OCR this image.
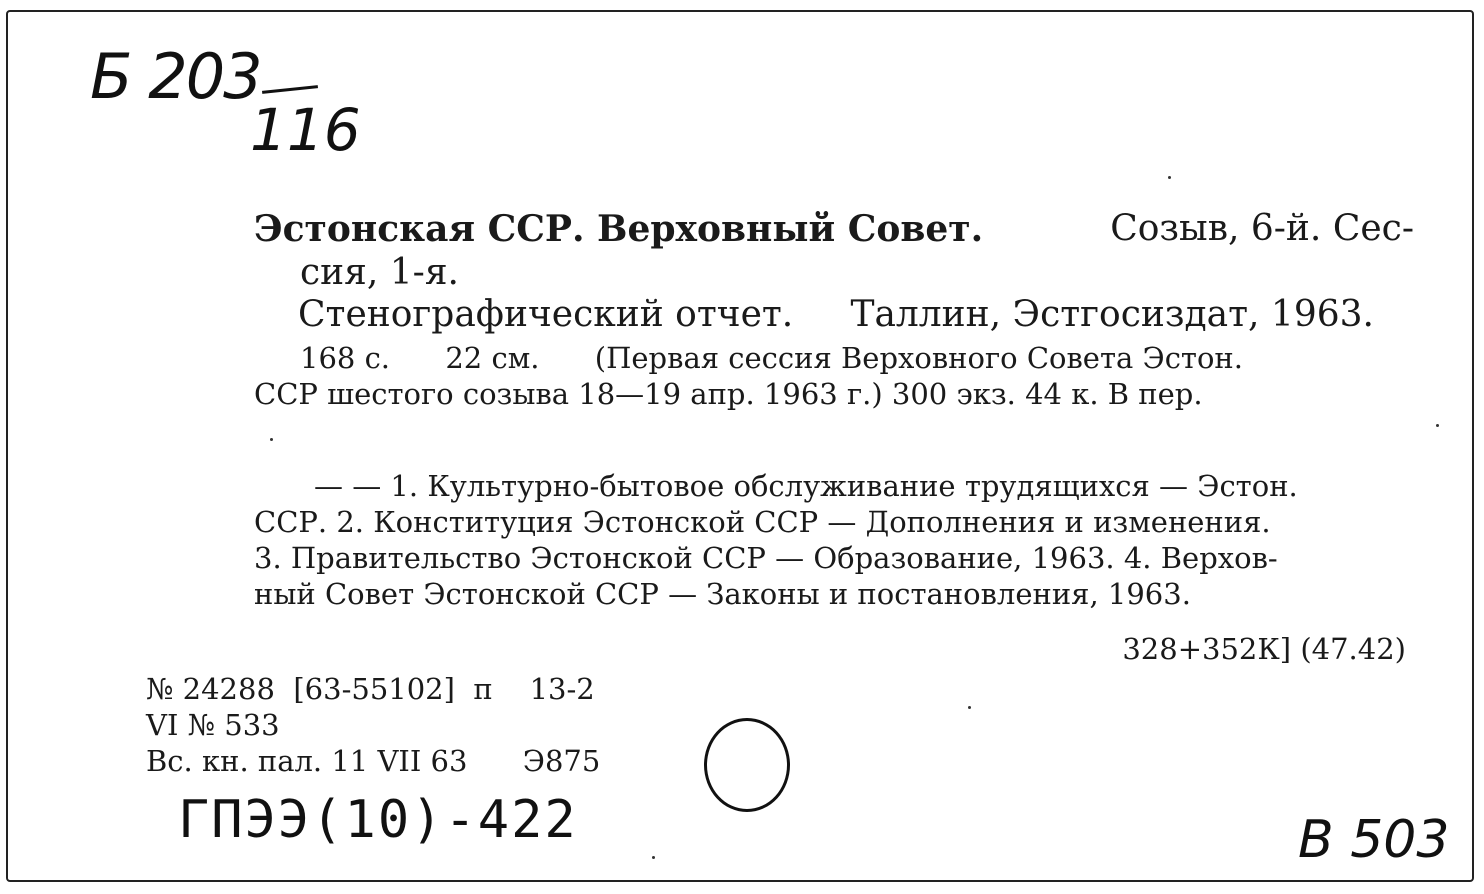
Б 203
116
Эстонская ССР. Верховный Совет.	Созыв, 6-й. Сес-
сия, 1-я.
Стенографический отчет.     Таллин, Эстгосиздат, 1963.
168 с.      22 см.      (Первая сессия Верховного Совета Эстон.
ССР шестого созыва 18—19 апр. 1963 г.) 300 экз. 44 к. В пер.
— — 1. Культурно-бытовое обслуживание трудящихся — Эстон.
ССР. 2. Конституция Эстонской ССР — Дополнения и изменения.
3. Правительство Эстонской ССР — Образование, 1963. 4. Верхов-
ный Совет Эстонской ССР — Законы и постановления, 1963.
328+352К] (47.42)
№ 24288  [63-55102]  п    13-2
VI № 533
Вс. кн. пал. 11 VII 63      Э875
ГПЭЭ(10)-422	B 503
